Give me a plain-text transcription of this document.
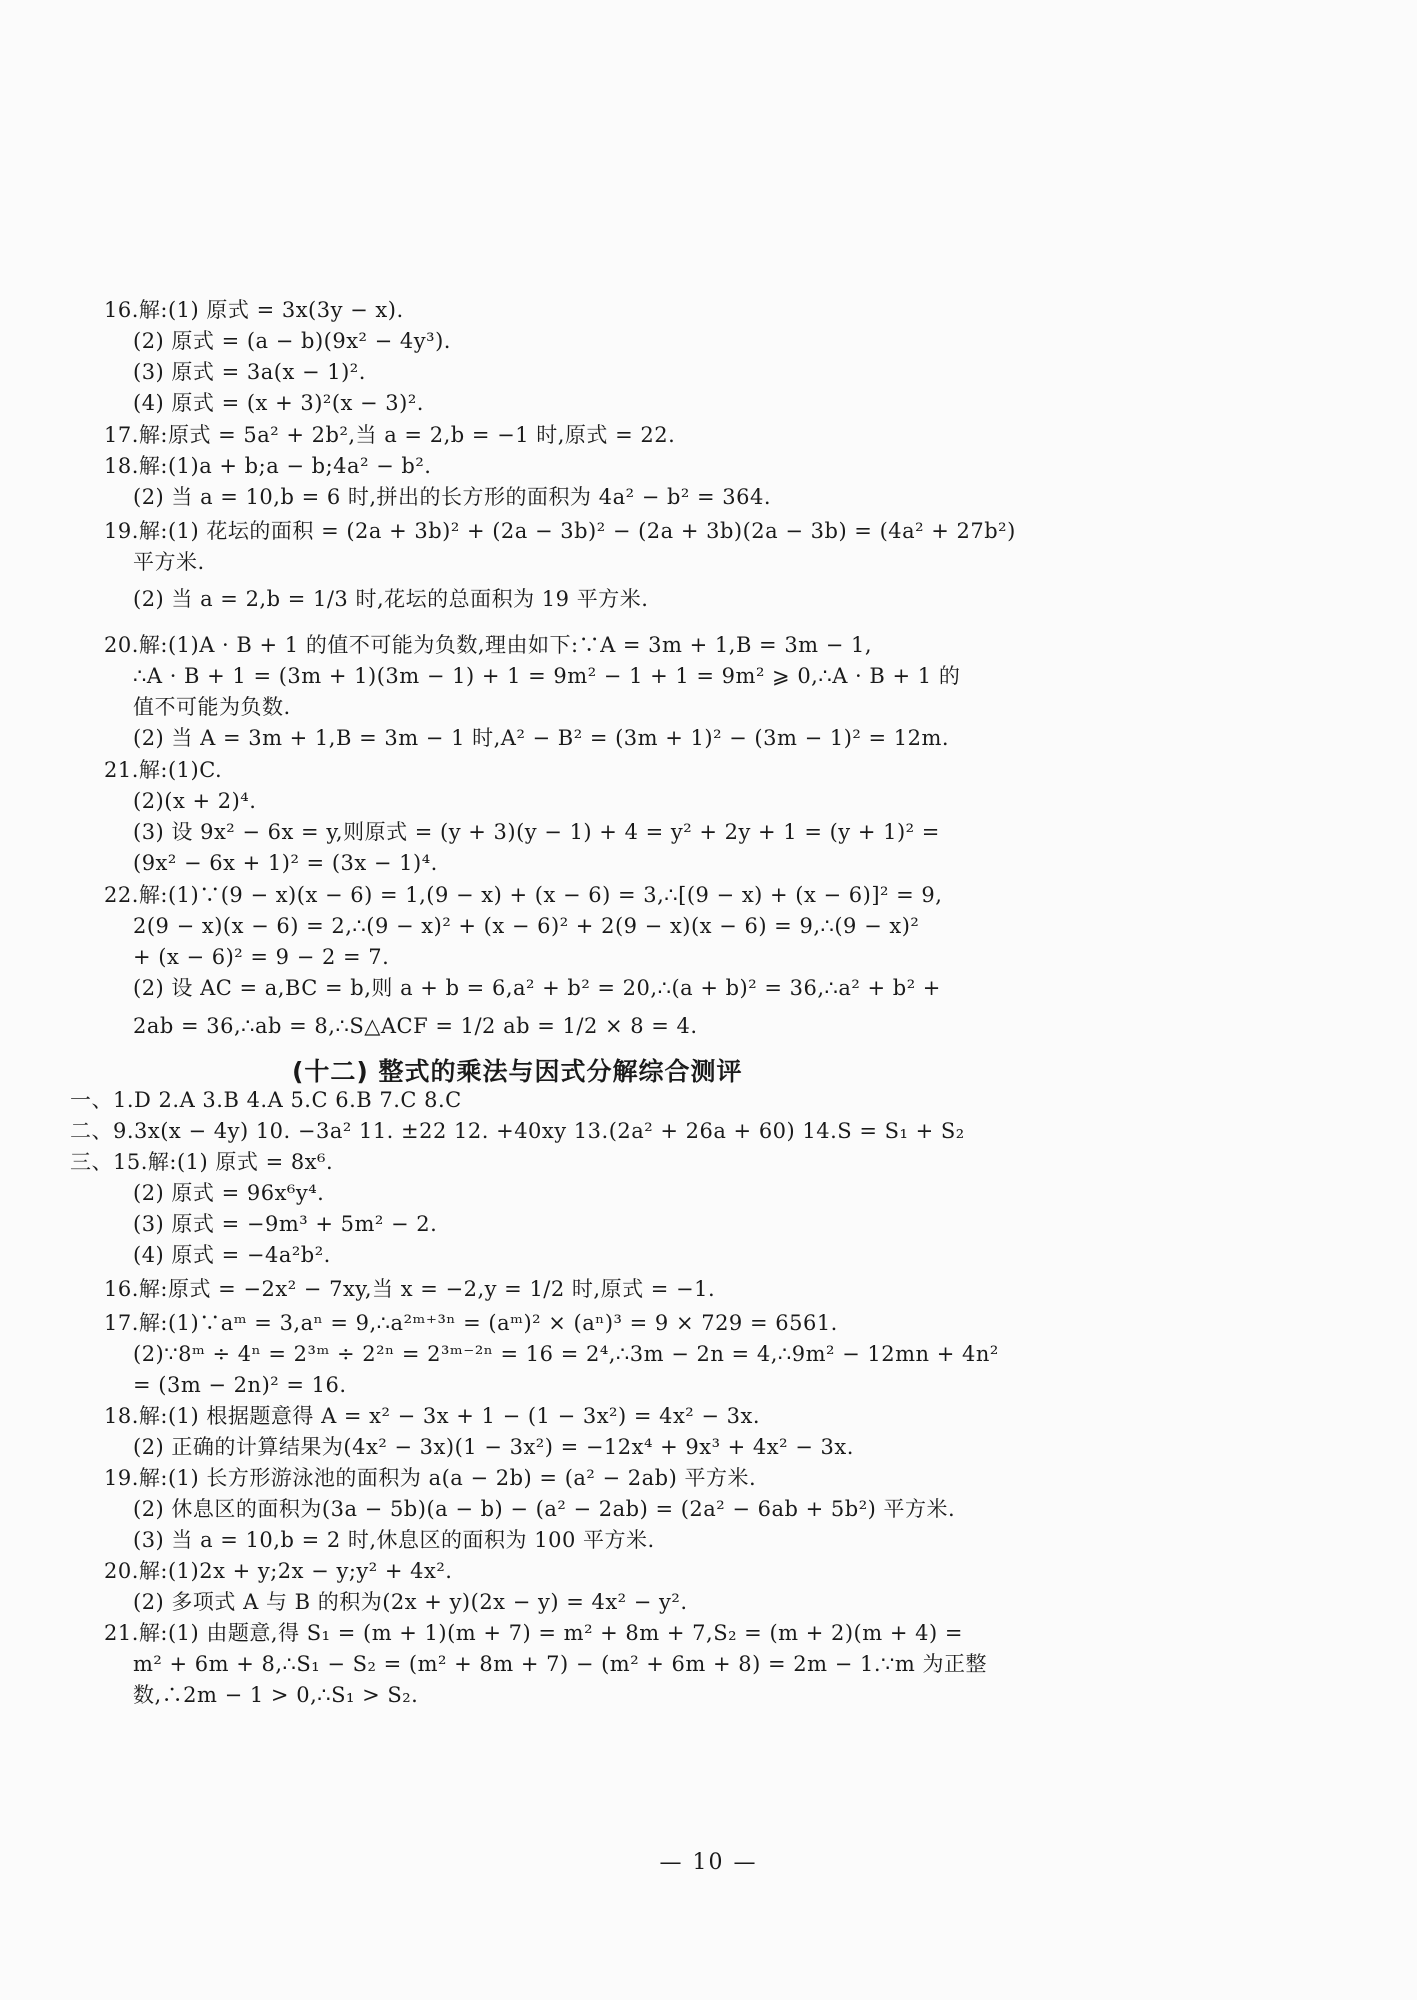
(十二) 整式的乘法与因式分解综合测评
— 10 —
16.解:(1) 原式 = 3x(3y − x).
(2) 原式 = (a − b)(9x² − 4y³).
(3) 原式 = 3a(x − 1)².
(4) 原式 = (x + 3)²(x − 3)².
17.解:原式 = 5a² + 2b²,当 a = 2,b = −1 时,原式 = 22.
18.解:(1)a + b;a − b;4a² − b².
(2) 当 a = 10,b = 6 时,拼出的长方形的面积为 4a² − b² = 364.
19.解:(1) 花坛的面积 = (2a + 3b)² + (2a − 3b)² − (2a + 3b)(2a − 3b) = (4a² + 27b²)
平方米.
(2) 当 a = 2,b = 1/3 时,花坛的总面积为 19 平方米.
20.解:(1)A · B + 1 的值不可能为负数,理由如下:∵A = 3m + 1,B = 3m − 1,
∴A · B + 1 = (3m + 1)(3m − 1) + 1 = 9m² − 1 + 1 = 9m² ⩾ 0,∴A · B + 1 的
值不可能为负数.
(2) 当 A = 3m + 1,B = 3m − 1 时,A² − B² = (3m + 1)² − (3m − 1)² = 12m.
21.解:(1)C.
(2)(x + 2)⁴.
(3) 设 9x² − 6x = y,则原式 = (y + 3)(y − 1) + 4 = y² + 2y + 1 = (y + 1)² =
(9x² − 6x + 1)² = (3x − 1)⁴.
22.解:(1)∵(9 − x)(x − 6) = 1,(9 − x) + (x − 6) = 3,∴[(9 − x) + (x − 6)]² = 9,
2(9 − x)(x − 6) = 2,∴(9 − x)² + (x − 6)² + 2(9 − x)(x − 6) = 9,∴(9 − x)²
+ (x − 6)² = 9 − 2 = 7.
(2) 设 AC = a,BC = b,则 a + b = 6,a² + b² = 20,∴(a + b)² = 36,∴a² + b² +
2ab = 36,∴ab = 8,∴S△ACF = 1/2 ab = 1/2 × 8 = 4.
一、1.D 2.A 3.B 4.A 5.C 6.B 7.C 8.C
二、9.3x(x − 4y) 10. −3a² 11. ±22 12. +40xy 13.(2a² + 26a + 60) 14.S = S₁ + S₂
三、15.解:(1) 原式 = 8x⁶.
(2) 原式 = 96x⁶y⁴.
(3) 原式 = −9m³ + 5m² − 2.
(4) 原式 = −4a²b².
16.解:原式 = −2x² − 7xy,当 x = −2,y = 1/2 时,原式 = −1.
17.解:(1)∵aᵐ = 3,aⁿ = 9,∴a²ᵐ⁺³ⁿ = (aᵐ)² × (aⁿ)³ = 9 × 729 = 6561.
(2)∵8ᵐ ÷ 4ⁿ = 2³ᵐ ÷ 2²ⁿ = 2³ᵐ⁻²ⁿ = 16 = 2⁴,∴3m − 2n = 4,∴9m² − 12mn + 4n²
= (3m − 2n)² = 16.
18.解:(1) 根据题意得 A = x² − 3x + 1 − (1 − 3x²) = 4x² − 3x.
(2) 正确的计算结果为(4x² − 3x)(1 − 3x²) = −12x⁴ + 9x³ + 4x² − 3x.
19.解:(1) 长方形游泳池的面积为 a(a − 2b) = (a² − 2ab) 平方米.
(2) 休息区的面积为(3a − 5b)(a − b) − (a² − 2ab) = (2a² − 6ab + 5b²) 平方米.
(3) 当 a = 10,b = 2 时,休息区的面积为 100 平方米.
20.解:(1)2x + y;2x − y;y² + 4x².
(2) 多项式 A 与 B 的积为(2x + y)(2x − y) = 4x² − y².
21.解:(1) 由题意,得 S₁ = (m + 1)(m + 7) = m² + 8m + 7,S₂ = (m + 2)(m + 4) =
m² + 6m + 8,∴S₁ − S₂ = (m² + 8m + 7) − (m² + 6m + 8) = 2m − 1.∵m 为正整
数,∴2m − 1 > 0,∴S₁ > S₂.
